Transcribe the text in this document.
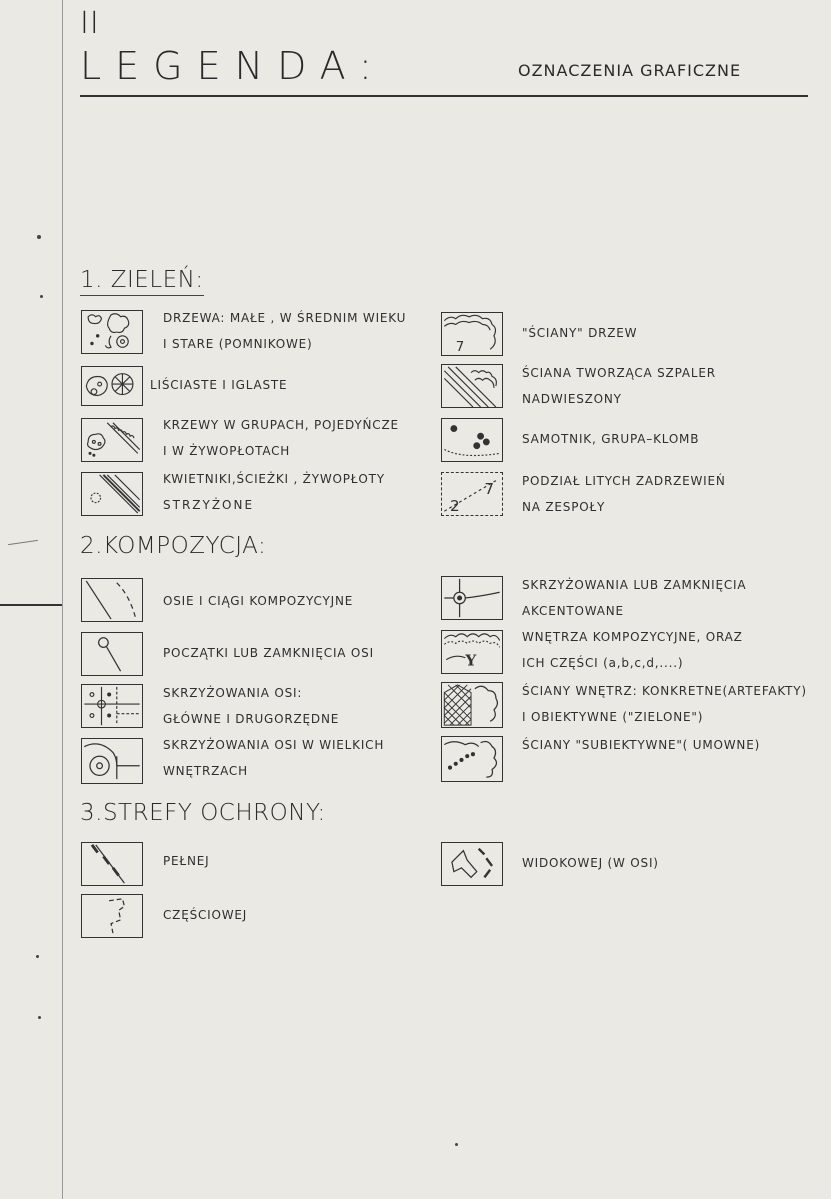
II
LEGENDA:	OZNACZENIA GRAFICZNE
1. ZIELEŃ:
DRZEWA: MAŁE , W ŚREDNIM WIEKU
I STARE (POMNIKOWE)
LIŚCIASTE I IGLASTE
KRZEWY W GRUPACH, POJEDYŃCZE
I W ŻYWOPŁOTACH
KWIETNIKI,ŚCIEŻKI , ŻYWOPŁOTY
STRZYŻONE
7
"ŚCIANY" DRZEW
ŚCIANA TWORZĄCA SZPALER
NADWIESZONY
SAMOTNIK, GRUPA–KLOMB
7
2
PODZIAŁ LITYCH ZADRZEWIEŃ
NA ZESPOŁY
2.KOMPOZYCJA:
OSIE I CIĄGI KOMPOZYCYJNE
POCZĄTKI LUB ZAMKNIĘCIA OSI
SKRZYŻOWANIA OSI:
GŁÓWNE I DRUGORZĘDNE
SKRZYŻOWANIA OSI W WIELKICH
WNĘTRZACH
SKRZYŻOWANIA LUB ZAMKNIĘCIA
AKCENTOWANE
Y
WNĘTRZA KOMPOZYCYJNE, ORAZ
ICH CZĘŚCI (a,b,c,d,....)
ŚCIANY WNĘTRZ: KONKRETNE(ARTEFAKTY)
I OBIEKTYWNE ("ZIELONE")
ŚCIANY "SUBIEKTYWNE"( UMOWNE)
3.STREFY OCHRONY:
PEŁNEJ
CZĘŚCIOWEJ
WIDOKOWEJ (W OSI)
